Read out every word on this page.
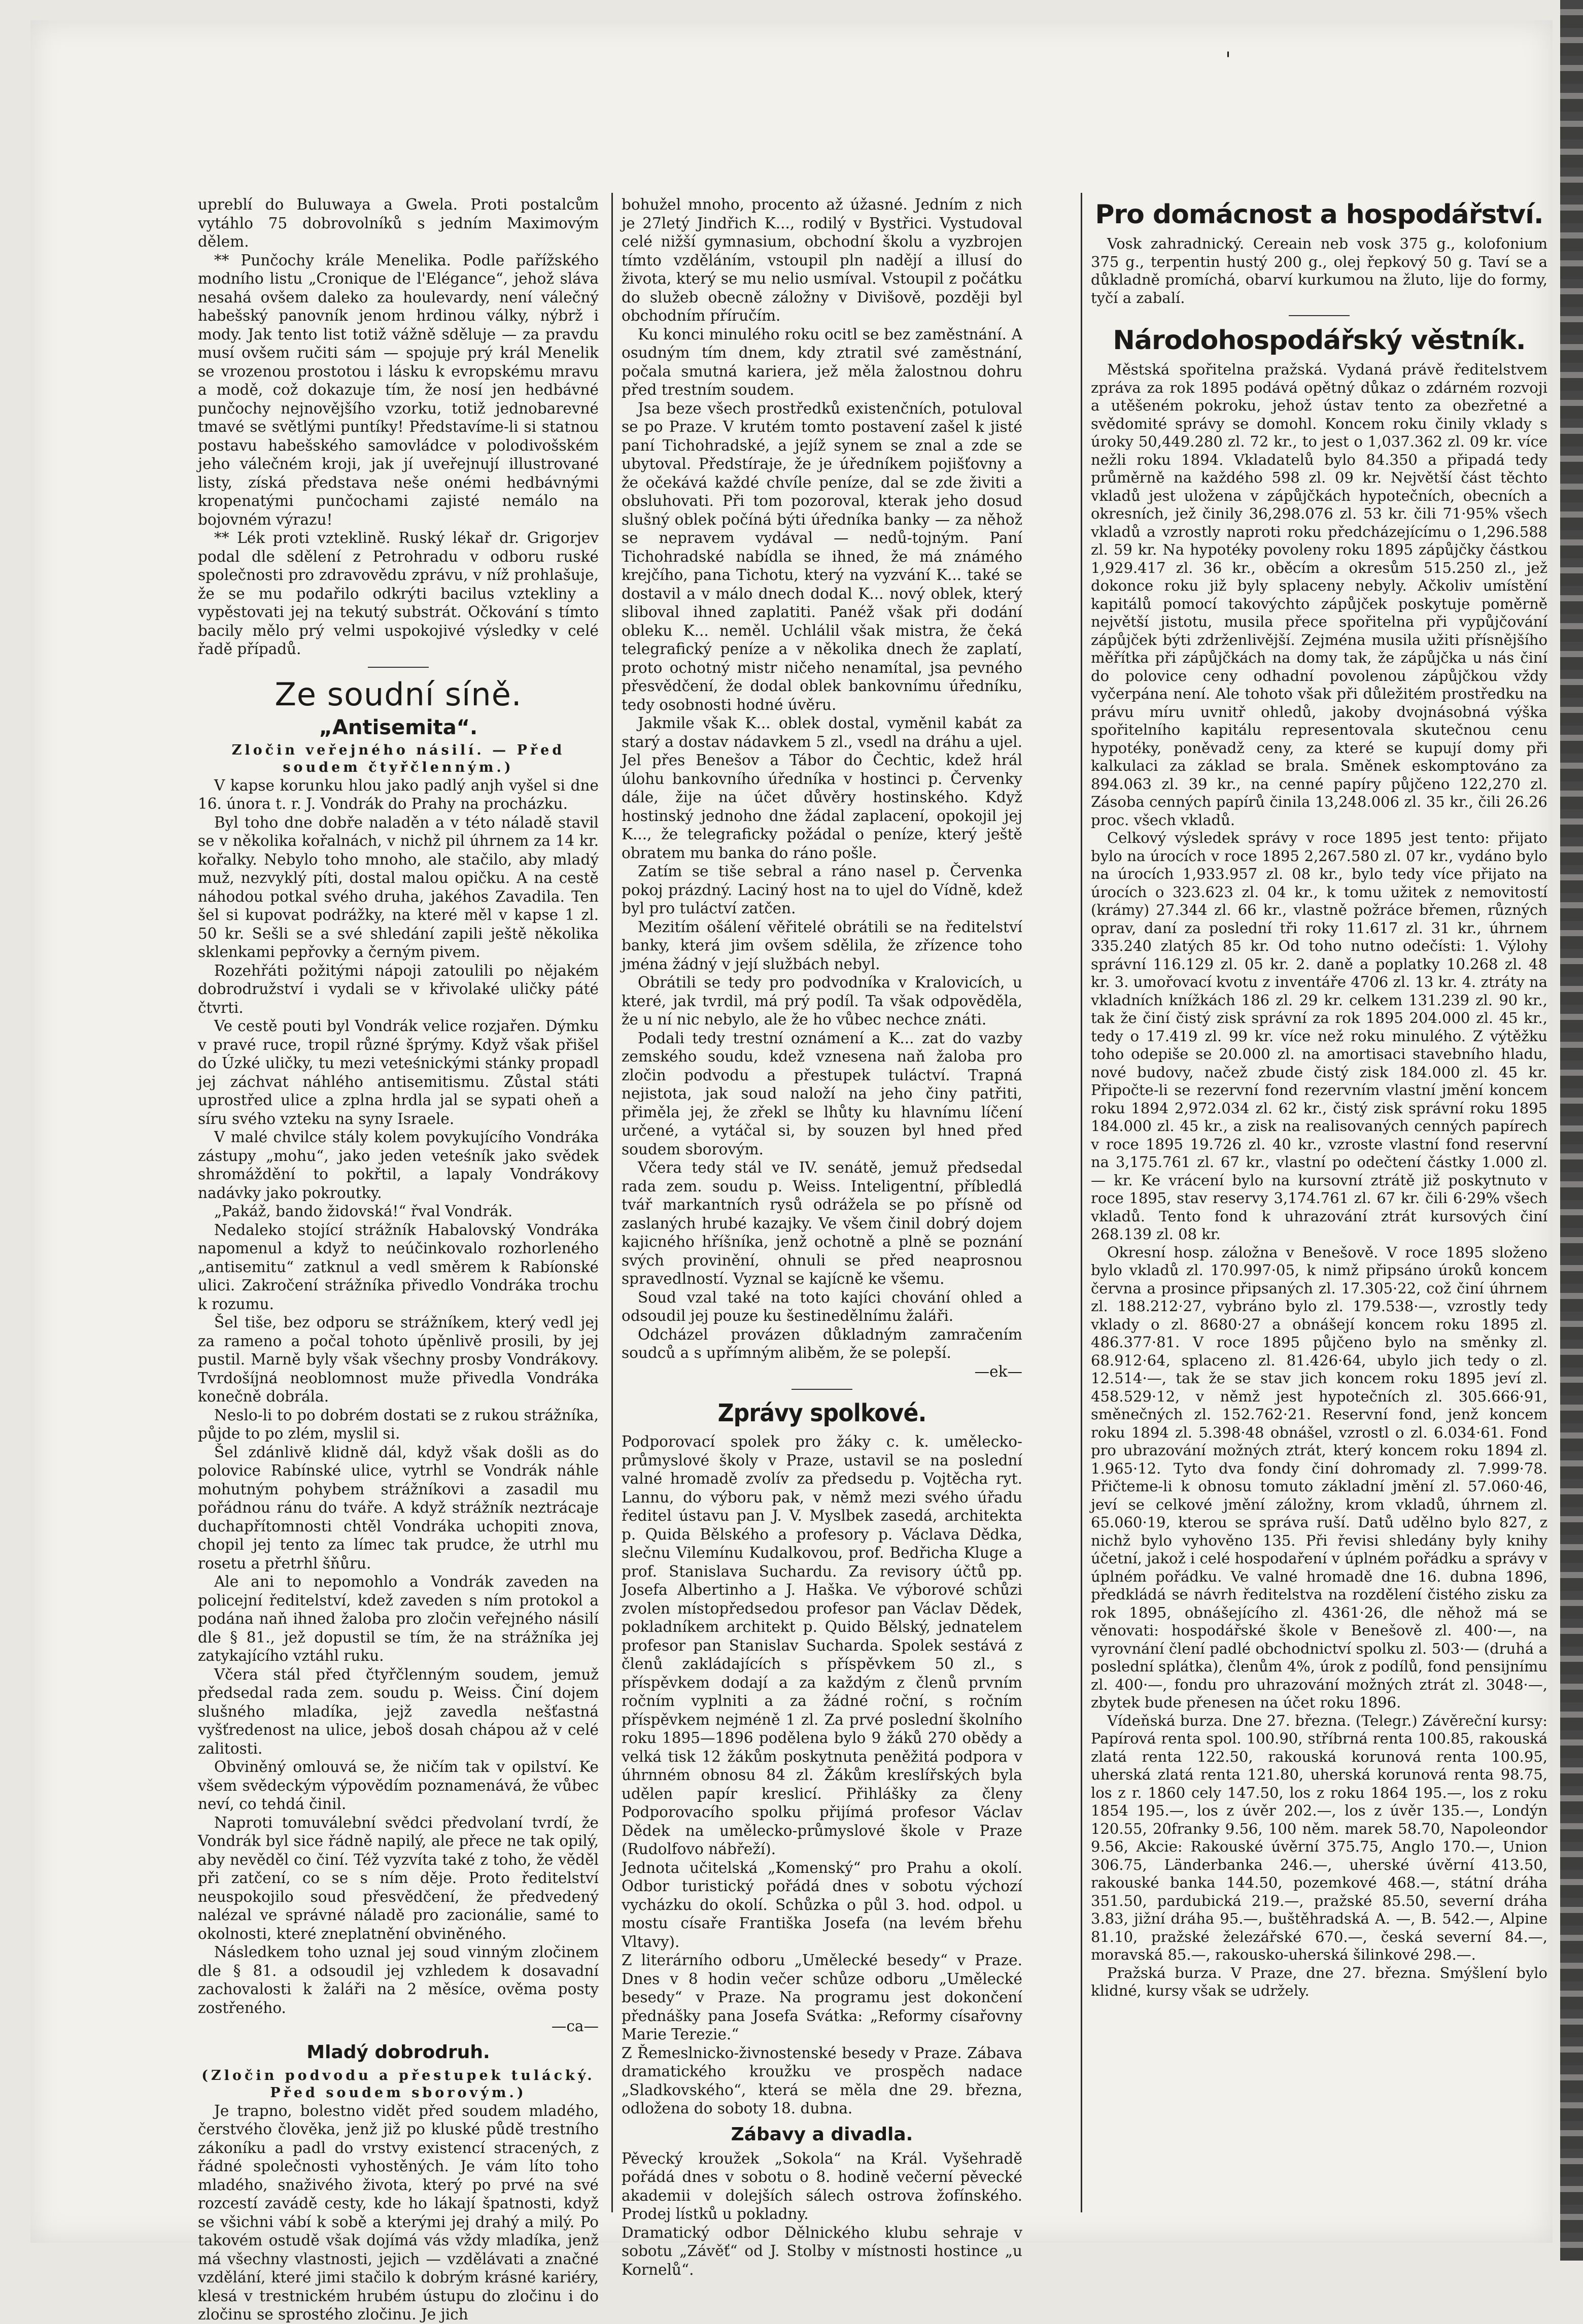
'

upreblí do Buluwaya a Gwela. Proti postalcům vytáhlo 75 dobrovolníků s jedním Maximovým dělem.

** Punčochy krále Menelika. Podle pařížského modního listu „Cronique de l'Elégance“, jehož sláva nesahá ovšem daleko za houlevardy, není válečný habešský panovník jenom hrdinou války, nýbrž i mody. Jak tento list totiž vážně sděluje — za pravdu musí ovšem ručiti sám — spojuje prý král Menelik se vrozenou prostotou i lásku k evropskému mravu a modě, což dokazuje tím, že nosí jen hedbávné punčochy nejnovějšího vzorku, totiž jednobarevné tmavé se světlými puntíky! Představíme-li si statnou postavu habešského samovládce v polodivošském jeho válečném kroji, jak jí uveřejnují illustrované listy, získá představa neše onémi hedbávnými kropenatými punčochami zajisté nemálo na bojovném výrazu!

** Lék proti vzteklině. Ruský lékař dr. Grigorjev podal dle sdělení z Petrohradu v odboru ruské společnosti pro zdravovědu zprávu, v níž prohlašuje, že se mu podařilo odkrýti bacilus vztekliny a vypěstovati jej na tekutý substrát. Očkování s tímto bacily mělo prý velmi uspokojivé výsledky v celé řadě případů.

Ze soudní síně.
„Antisemita“.
Zločin veřejného násilí. — Před soudem čtyřčlenným.)

V kapse korunku hlou jako padlý anjh vyšel si dne 16. února t. r. J. Vondrák do Prahy na procházku.

Byl toho dne dobře naladěn a v této náladě stavil se v několika kořalnách, v nichž pil úhrnem za 14 kr. kořalky. Nebylo toho mnoho, ale stačilo, aby mladý muž, nezvyklý píti, dostal malou opičku. A na cestě náhodou potkal svého druha, jakéhos Zavadila. Ten šel si kupovat podrážky, na které měl v kapse 1 zl. 50 kr. Sešli se a své shledání zapili ještě několika sklenkami pepřovky a černým pivem.

Rozehřáti požitými nápoji zatoulili po nějakém dobrodružství i vydali se v křivolaké uličky páté čtvrti.

Ve cestě pouti byl Vondrák velice rozjařen. Dýmku v pravé ruce, tropil různé šprýmy. Když však přišel do Úzké uličky, tu mezi veteśnickými stánky propadl jej záchvat náhlého antisemitismu. Zůstal státi uprostřed ulice a zplna hrdla jal se sypati oheň a síru svého vzteku na syny Israele.

V malé chvilce stály kolem povykujícího Vondráka zástupy „mohu“, jako jeden veteśník jako svědek shromáždění to pokřtil, a lapaly Vondrákovy nadávky jako pokroutky.

„Pakáž, bando židovská!“ řval Vondrák.

Nedaleko stojící strážník Habalovský Vondráka napomenul a když to neúčinkovalo rozhorleného „antisemitu“ zatknul a vedl směrem k Rabíonské ulici. Zakročení strážníka přivedlo Vondráka trochu k rozumu.

Šel tiše, bez odporu se strážníkem, který vedl jej za rameno a počal tohoto úpěnlivě prosili, by jej pustil. Marně byly však všechny prosby Vondrákovy. Tvrdošíjná neoblomnost muže přivedla Vondráka konečně dobrála.

Neslo-li to po dobrém dostati se z rukou strážníka, půjde to po zlém, myslil si.

Šel zdánlivě klidně dál, když však došli as do polovice Rabínské ulice, vytrhl se Vondrák náhle mohutným pohybem strážníkovi a zasadil mu pořádnou ránu do tváře. A když strážník neztrácaje duchapřítomnosti chtěl Vondráka uchopiti znova, chopil jej tento za límec tak prudce, že utrhl mu rosetu a přetrhl šňůru.

Ale ani to nepomohlo a Vondrák zaveden na policejní ředitelství, kdež zaveden s ním protokol a podána naň ihned žaloba pro zločin veřejného násilí dle § 81., jež dopustil se tím, že na strážníka jej zatykajícího vztáhl ruku.

Včera stál před čtyřčlenným soudem, jemuž předsedal rada zem. soudu p. Weiss. Činí dojem slušného mladíka, jejž zavedla nešťastná vyšťredenost na ulice, jeboš dosah chápou až v celé zalitosti.

Obviněný omlouvá se, že ničím tak v opilství. Ke všem svědeckým výpovědím poznamenává, že vůbec neví, co tehdá činil.

Naproti tomuválební svědci předvolaní tvrdí, že Vondrák byl sice řádně napilý, ale přece ne tak opilý, aby nevěděl co činí. Též vyzvíta také z toho, že věděl při zatčení, co se s ním děje. Proto ředitelství neuspokojilo soud přesvědčení, že předvedený nalézal ve správné náladě pro zacionálie, samé to okolnosti, které zneplatnění obviněného.

Následkem toho uznal jej soud vinným zločinem dle § 81. a odsoudil jej vzhledem k dosavadní zachovalosti k žaláři na 2 měsíce, ověma posty zostřeného.

—ca—
Mladý dobrodruh.
(Zločin podvodu a přestupek tulácký. Před soudem sborovým.)

Je trapno, bolestno vidět před soudem mladého, čerstvého člověka, jenž již po kluské půdě trestního zákoníku a padl do vrstvy existencí stracených, z řádné společnosti vyhostěných. Je vám líto toho mladého, snaživého života, který po prvé na své rozcestí zavádě cesty, kde ho lákají špatnosti, když se všichni vábí k sobě a kterými jej drahý a milý. Po takovém ostudě však dojímá vás vždy mladíka, jenž má všechny vlastnosti, jejich — vzdělávati a značné vzdělání, které jimi stačilo k dobrým krásné kariéry, klesá v trestnickém hrubém ústupu do zločinu i do zločinu se sprostého zločinu. Je jich

bohužel mnoho, procento až úžasné. Jedním z nich je 27letý Jindřich K..., rodilý v Bystřici. Vystudoval celé nižší gymnasium, obchodní školu a vyzbrojen tímto vzděláním, vstoupil pln nadějí a illusí do života, který se mu nelio usmíval. Vstoupil z počátku do služeb obecně záložny v Divišově, později byl obchodním příručím.

Ku konci minulého roku ocitl se bez zaměstnání. A osudným tím dnem, kdy ztratil své zaměstnání, počala smutná kariera, jež měla žalostnou dohru před trestním soudem.

Jsa beze všech prostředků existenčních, potuloval se po Praze. V krutém tomto postavení zašel k jisté paní Tichohradské, a jejíž synem se znal a zde se ubytoval. Předstíraje, že je úředníkem pojišťovny a že očekává každé chvíle peníze, dal se zde živiti a obsluhovati. Při tom pozoroval, kterak jeho dosud slušný oblek počíná býti úředníka banky — za něhož se nepravem vydával — nedů-tojným. Paní Tichohradské nabídla se ihned, že má známého krejčího, pana Tichotu, který na vyzvání K... také se dostavil a v málo dnech dodal K... nový oblek, který sliboval ihned zaplatiti. Panéž však při dodání obleku K... neměl. Uchlálil však mistra, že čeká telegrafický peníze a v několika dnech že zaplatí, proto ochotný mistr ničeho nenamítal, jsa pevného přesvědčení, že dodal oblek bankovnímu úředníku, tedy osobnosti hodné úvěru.

Jakmile však K... oblek dostal, vyměnil kabát za starý a dostav nádavkem 5 zl., vsedl na dráhu a ujel. Jel přes Benešov a Tábor do Čechtic, kdež hrál úlohu bankovního úředníka v hostinci p. Červenky dále, žije na účet důvěry hostinského. Když hostinský jednoho dne žádal zaplacení, opokojil jej K..., že telegraficky požádal o peníze, který ještě obratem mu banka do ráno pošle.

Zatím se tiše sebral a ráno nasel p. Červenka pokoj prázdný. Laciný host na to ujel do Vídně, kdež byl pro tuláctví zatčen.

Mezitím ošálení věřitelé obrátili se na ředitelství banky, která jim ovšem sdělila, že zřízence toho jména žádný v její službách nebyl.

Obrátili se tedy pro podvodníka v Kralovicích, u které, jak tvrdil, má prý podíl. Ta však odpověděla, že u ní nic nebylo, ale že ho vůbec nechce znáti.

Podali tedy trestní oznámení a K... zat do vazby zemského soudu, kdež vznesena naň žaloba pro zločin podvodu a přestupek tuláctví. Trapná nejistota, jak soud naloží na jeho činy patřiti, přiměla jej, že zřekl se lhůty ku hlavnímu líčení určené, a vytáčal si, by souzen byl hned před soudem sborovým.

Včera tedy stál ve IV. senátě, jemuž předsedal rada zem. soudu p. Weiss. Inteligentní, příbledlá tvář markantních rysů odrážela se po přísně od zaslaných hrubé kazajky. Ve všem činil dobrý dojem kajicného hříšníka, jenž ochotně a plně se poznání svých provinění, ohnuli se před neaprosnou spravedlností. Vyznal se kajícně ke všemu.

Soud vzal také na toto kajíci chování ohled a odsoudil jej pouze ku šestinedělnímu žaláři.

Odcházel provázen důkladným zamračením soudců a s upřímným aliběm, že se polepší.

—ek—
Zprávy spolkové.

Podporovací spolek pro žáky c. k. umělecko-průmyslové školy v Praze, ustavil se na poslední valné hromadě zvolív za předsedu p. Vojtěcha ryt. Lannu, do výboru pak, v němž mezi svého úřadu ředitel ústavu pan J. V. Myslbek zasedá, architekta p. Quida Bělského a profesory p. Václava Dědka, slečnu Vilemínu Kudalkovou, prof. Bedřicha Kluge a prof. Stanislava Suchardu. Za revisory účtů pp. Josefa Albertinho a J. Haška. Ve výborové schůzi zvolen místopředsedou profesor pan Václav Dědek, pokladníkem architekt p. Quido Bělský, jednatelem profesor pan Stanislav Sucharda. Spolek sestává z členů zakládajících s příspěvkem 50 zl., s příspěvkem dodají a za každým z členů prvním ročním vyplniti a za žádné roční, s ročním příspěvkem nejméně 1 zl. Za prvé poslední školního roku 1895—1896 podělena bylo 9 žáků 270 obědy a velká tisk 12 žákům poskytnuta peněžitá podpora v úhrnném obnosu 84 zl. Žákům kreslířských byla udělen papír kreslicí. Přihlášky za členy Podporovacího spolku přijímá profesor Václav Dědek na umělecko-průmyslové škole v Praze (Rudolfovo nábřeží).

Jednota učitelská „Komenský“ pro Prahu a okolí. Odbor turistický pořádá dnes v sobotu výchozí vycházku do okolí. Schůzka o půl 3. hod. odpol. u mostu císaře Františka Josefa (na levém břehu Vltavy).

Z literárního odboru „Umělecké besedy“ v Praze. Dnes v 8 hodin večer schůze odboru „Umělecké besedy“ v Praze. Na programu jest dokončení přednášky pana Josefa Svátka: „Reformy císařovny Marie Terezie.“

Z Řemeslnicko-živnostenské besedy v Praze. Zábava dramatického kroužku ve prospěch nadace „Sladkovského“, která se měla dne 29. března, odložena do soboty 18. dubna.

Zábavy a divadla.

Pěvecký kroužek „Sokola“ na Král. Vyšehradě pořádá dnes v sobotu o 8. hodině večerní pěvecké akademii v dolejších sálech ostrova žofínského. Prodej lístků u pokladny.

Dramatický odbor Dělnického klubu sehraje v sobotu „Závěť“ od J. Stolby v místnosti hostince „u Kornelů“.

Pro domácnost a hospodářství.

Vosk zahradnický. Cereain neb vosk 375 g., kolofonium 375 g., terpentin hustý 200 g., olej řepkový 50 g. Taví se a důkladně promíchá, obarví kurkumou na žluto, lije do formy, tyčí a zabalí.

Národohospodářský věstník.

Městská spořitelna pražská. Vydaná právě ředitelstvem zpráva za rok 1895 podává opětný důkaz o zdárném rozvoji a utěšeném pokroku, jehož ústav tento za obezřetné a svědomité správy se domohl. Koncem roku činily vklady s úroky 50,449.280 zl. 72 kr., to jest o 1,037.362 zl. 09 kr. více nežli roku 1894. Vkladatelů bylo 84.350 a připadá tedy průměrně na každého 598 zl. 09 kr. Největší část těchto vkladů jest uložena v zápůjčkách hypotečních, obecních a okresních, jež činily 36,298.076 zl. 53 kr. čili 71·95% všech vkladů a vzrostly naproti roku předcházejícímu o 1,296.588 zl. 59 kr. Na hypotéky povoleny roku 1895 zápůjčky částkou 1,929.417 zl. 36 kr., oběcím a okresům 515.250 zl., jež dokonce roku již byly splaceny nebyly. Ačkoliv umístění kapitálů pomocí takovýchto zápůjček poskytuje poměrně největší jistotu, musila přece spořitelna při vypůjčování zápůjček býti zdrženlivější. Zejména musila užiti přísnějšího měřítka při zápůjčkách na domy tak, že zápůjčka u nás činí do polovice ceny odhadní povolenou zápůjčkou vždy vyčerpána není. Ale tohoto však při důležitém prostředku na právu míru uvnitř ohledů, jakoby dvojnásobná výška spořitelního kapitálu representovala skutečnou cenu hypotéky, poněvadž ceny, za které se kupují domy při kalkulaci za základ se brala. Směnek eskomptováno za 894.063 zl. 39 kr., na cenné papíry půjčeno 122,270 zl. Zásoba cenných papírů činila 13,248.006 zl. 35 kr., čili 26.26 proc. všech vkladů.

Celkový výsledek správy v roce 1895 jest tento: přijato bylo na úrocích v roce 1895 2,267.580 zl. 07 kr., vydáno bylo na úrocích 1,933.957 zl. 08 kr., bylo tedy více přijato na úrocích o 323.623 zl. 04 kr., k tomu užitek z nemovitostí (krámy) 27.344 zl. 66 kr., vlastně požráce břemen, různých oprav, daní za poslední tři roky 11.617 zl. 31 kr., úhrnem 335.240 zlatých 85 kr. Od toho nutno odečísti: 1. Výlohy správní 116.129 zl. 05 kr. 2. daně a poplatky 10.268 zl. 48 kr. 3. umořovací kvotu z inventáře 4706 zl. 13 kr. 4. ztráty na vkladních knížkách 186 zl. 29 kr. celkem 131.239 zl. 90 kr., tak že činí čistý zisk správní za rok 1895 204.000 zl. 45 kr., tedy o 17.419 zl. 99 kr. více než roku minulého. Z výtěžku toho odepiše se 20.000 zl. na amortisaci stavebního hladu, nové budovy, načež zbude čistý zisk 184.000 zl. 45 kr. Připočte-li se rezervní fond rezervním vlastní jmění koncem roku 1894 2,972.034 zl. 62 kr., čistý zisk správní roku 1895 184.000 zl. 45 kr., a zisk na realisovaných cenných papírech v roce 1895 19.726 zl. 40 kr., vzroste vlastní fond reservní na 3,175.761 zl. 67 kr., vlastní po odečtení částky 1.000 zl. — kr. Ke vrácení bylo na kursovní ztrátě již poskytnuto v roce 1895, stav reservy 3,174.761 zl. 67 kr. čili 6·29% všech vkladů. Tento fond k uhrazování ztrát kursových činí 268.139 zl. 08 kr.

Okresní hosp. záložna v Benešově. V roce 1895 složeno bylo vkladů zl. 170.997·05, k nimž připsáno úroků koncem června a prosince připsaných zl. 17.305·22, což činí úhrnem zl. 188.212·27, vybráno bylo zl. 179.538·—, vzrostly tedy vklady o zl. 8680·27 a obnášejí koncem roku 1895 zl. 486.377·81. V roce 1895 půjčeno bylo na směnky zl. 68.912·64, splaceno zl. 81.426·64, ubylo jich tedy o zl. 12.514·—, tak že se stav jich koncem roku 1895 jeví zl. 458.529·12, v němž jest hypotečních zl. 305.666·91, směnečných zl. 152.762·21. Reservní fond, jenž koncem roku 1894 zl. 5.398·48 obnášel, vzrostl o zl. 6.034·61. Fond pro ubrazování možných ztrát, který koncem roku 1894 zl. 1.965·12. Tyto dva fondy činí dohromady zl. 7.999·78. Přičteme-li k obnosu tomuto základní jmění zl. 57.060·46, jeví se celkové jmění záložny, krom vkladů, úhrnem zl. 65.060·19, kterou se správa ruší. Datů udělno bylo 827, z nichž bylo vyhověno 135. Při řevisi shledány byly knihy účetní, jakož i celé hospodaření v úplném pořádku a správy v úplném pořádku. Ve valné hromadě dne 16. dubna 1896, předkládá se návrh ředitelstva na rozdělení čistého zisku za rok 1895, obnášejícího zl. 4361·26, dle něhož má se věnovati: hospodářské škole v Benešově zl. 400·—, na vyrovnání člení padlé obchodnictví spolku zl. 503·— (druhá a poslední splátka), členům 4%, úrok z podílů, fond pensijnímu zl. 400·—, fondu pro uhrazování možných ztrát zl. 3048·—, zbytek bude přenesen na účet roku 1896.

Vídeňská burza. Dne 27. března. (Telegr.) Závěreční kursy: Papírová renta spol. 100.90, stříbrná renta 100.85, rakouská zlatá renta 122.50, rakouská korunová renta 100.95, uherská zlatá renta 121.80, uherská korunová renta 98.75, los z r. 1860 cely 147.50, los z roku 1864 195.—, los z roku 1854 195.—, los z úvěr 202.—, los z úvěr 135.—, Londýn 120.55, 20franky 9.56, 100 něm. marek 58.70, Napoleondor 9.56, Akcie: Rakouské úvěrní 375.75, Anglo 170.—, Union 306.75, Länderbanka 246.—, uherské úvěrní 413.50, rakouské banka 144.50, pozemkové 468.—, státní dráha 351.50, pardubická 219.—, pražské 85.50, severní dráha 3.83, jižní dráha 95.—, buštěhradská A. —, B. 542.—, Alpine 81.10, pražské železářské 670.—, česká severní 84.—, moravská 85.—, rakousko-uherská šilinkové 298.—.

Pražská burza. V Praze, dne 27. března. Smýšlení bylo klidné, kursy však se udržely.
